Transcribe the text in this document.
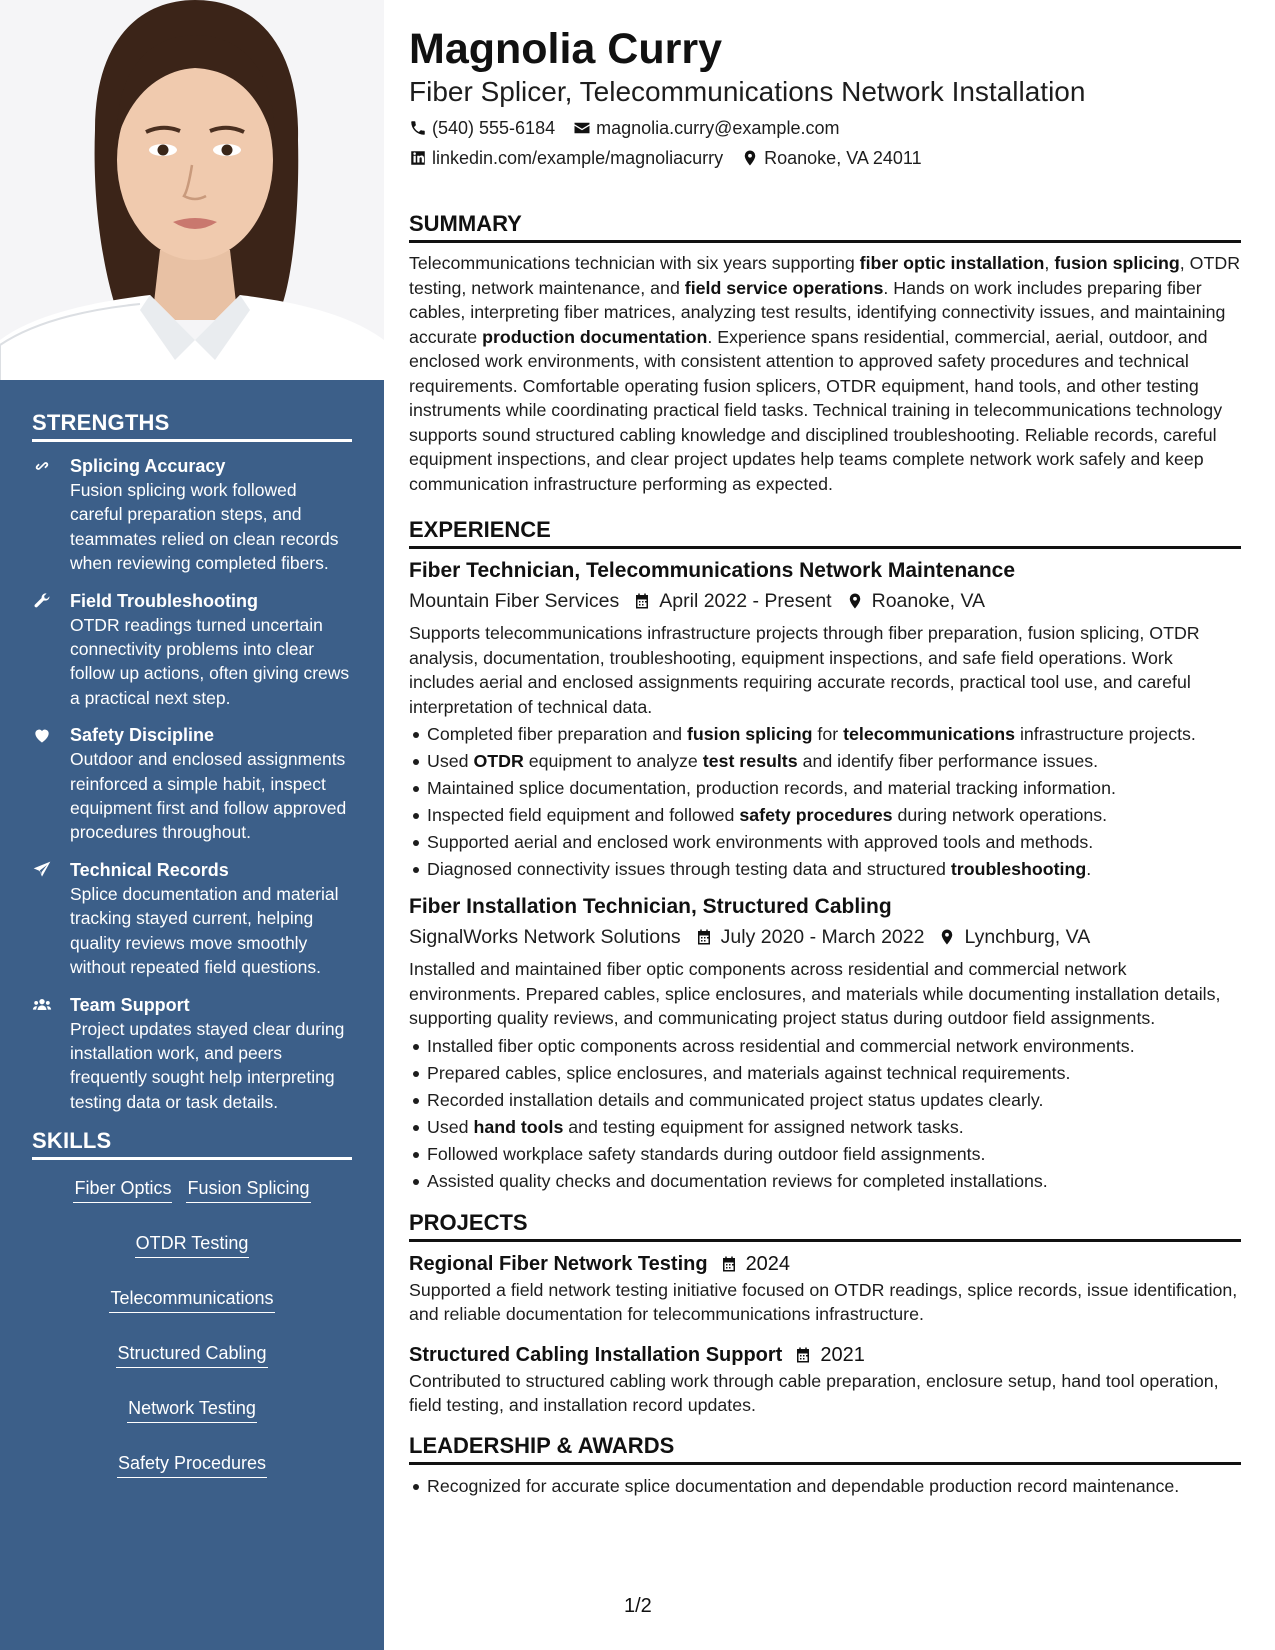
STRENGTHS
Splicing Accuracy
Fusion splicing work followed careful preparation steps, and teammates relied on clean records when reviewing completed fibers.
Field Troubleshooting
OTDR readings turned uncertain connectivity problems into clear follow up actions, often giving crews a practical next step.
Safety Discipline
Outdoor and enclosed assignments reinforced a simple habit, inspect equipment first and follow approved procedures throughout.
Technical Records
Splice documentation and material tracking stayed current, helping quality reviews move smoothly without repeated field questions.
Team Support
Project updates stayed clear during installation work, and peers frequently sought help interpreting testing data or task details.
SKILLS
Fiber Optics Fusion Splicing
OTDR Testing
Telecommunications
Structured Cabling
Network Testing
Safety Procedures
Magnolia Curry
Fiber Splicer, Telecommunications Network Installation
(540) 555-6184 magnolia.curry@example.com
linkedin.com/example/magnoliacurry Roanoke, VA 24011
SUMMARY

Telecommunications technician with six years supporting fiber optic installation, fusion splicing, OTDR testing, network maintenance, and field service operations. Hands on work includes preparing fiber cables, interpreting fiber matrices, analyzing test results, identifying connectivity issues, and maintaining accurate production documentation. Experience spans residential, commercial, aerial, outdoor, and enclosed work environments, with consistent attention to approved safety procedures and technical requirements. Comfortable operating fusion splicers, OTDR equipment, hand tools, and other testing instruments while coordinating practical field tasks. Technical training in telecommunications technology supports sound structured cabling knowledge and disciplined troubleshooting. Reliable records, careful equipment inspections, and clear project updates help teams complete network work safely and keep communication infrastructure performing as expected.

EXPERIENCE
Fiber Technician, Telecommunications Network Maintenance
Mountain Fiber Services April 2022 - Present Roanoke, VA

Supports telecommunications infrastructure projects through fiber preparation, fusion splicing, OTDR analysis, documentation, troubleshooting, equipment inspections, and safe field operations. Work includes aerial and enclosed assignments requiring accurate records, practical tool use, and careful interpretation of technical data.

Completed fiber preparation and fusion splicing for telecommunications infrastructure projects.
Used OTDR equipment to analyze test results and identify fiber performance issues.
Maintained splice documentation, production records, and material tracking information.
Inspected field equipment and followed safety procedures during network operations.
Supported aerial and enclosed work environments with approved tools and methods.
Diagnosed connectivity issues through testing data and structured troubleshooting.
Fiber Installation Technician, Structured Cabling
SignalWorks Network Solutions July 2020 - March 2022 Lynchburg, VA

Installed and maintained fiber optic components across residential and commercial network environments. Prepared cables, splice enclosures, and materials while documenting installation details, supporting quality reviews, and communicating project status during outdoor field assignments.

Installed fiber optic components across residential and commercial network environments.
Prepared cables, splice enclosures, and materials against technical requirements.
Recorded installation details and communicated project status updates clearly.
Used hand tools and testing equipment for assigned network tasks.
Followed workplace safety standards during outdoor field assignments.
Assisted quality checks and documentation reviews for completed installations.
PROJECTS
Regional Fiber Network Testing 2024

Supported a field network testing initiative focused on OTDR readings, splice records, issue identification, and reliable documentation for telecommunications infrastructure.

Structured Cabling Installation Support 2021

Contributed to structured cabling work through cable preparation, enclosure setup, hand tool operation, field testing, and installation record updates.

LEADERSHIP & AWARDS
Recognized for accurate splice documentation and dependable production record maintenance.
1/2
